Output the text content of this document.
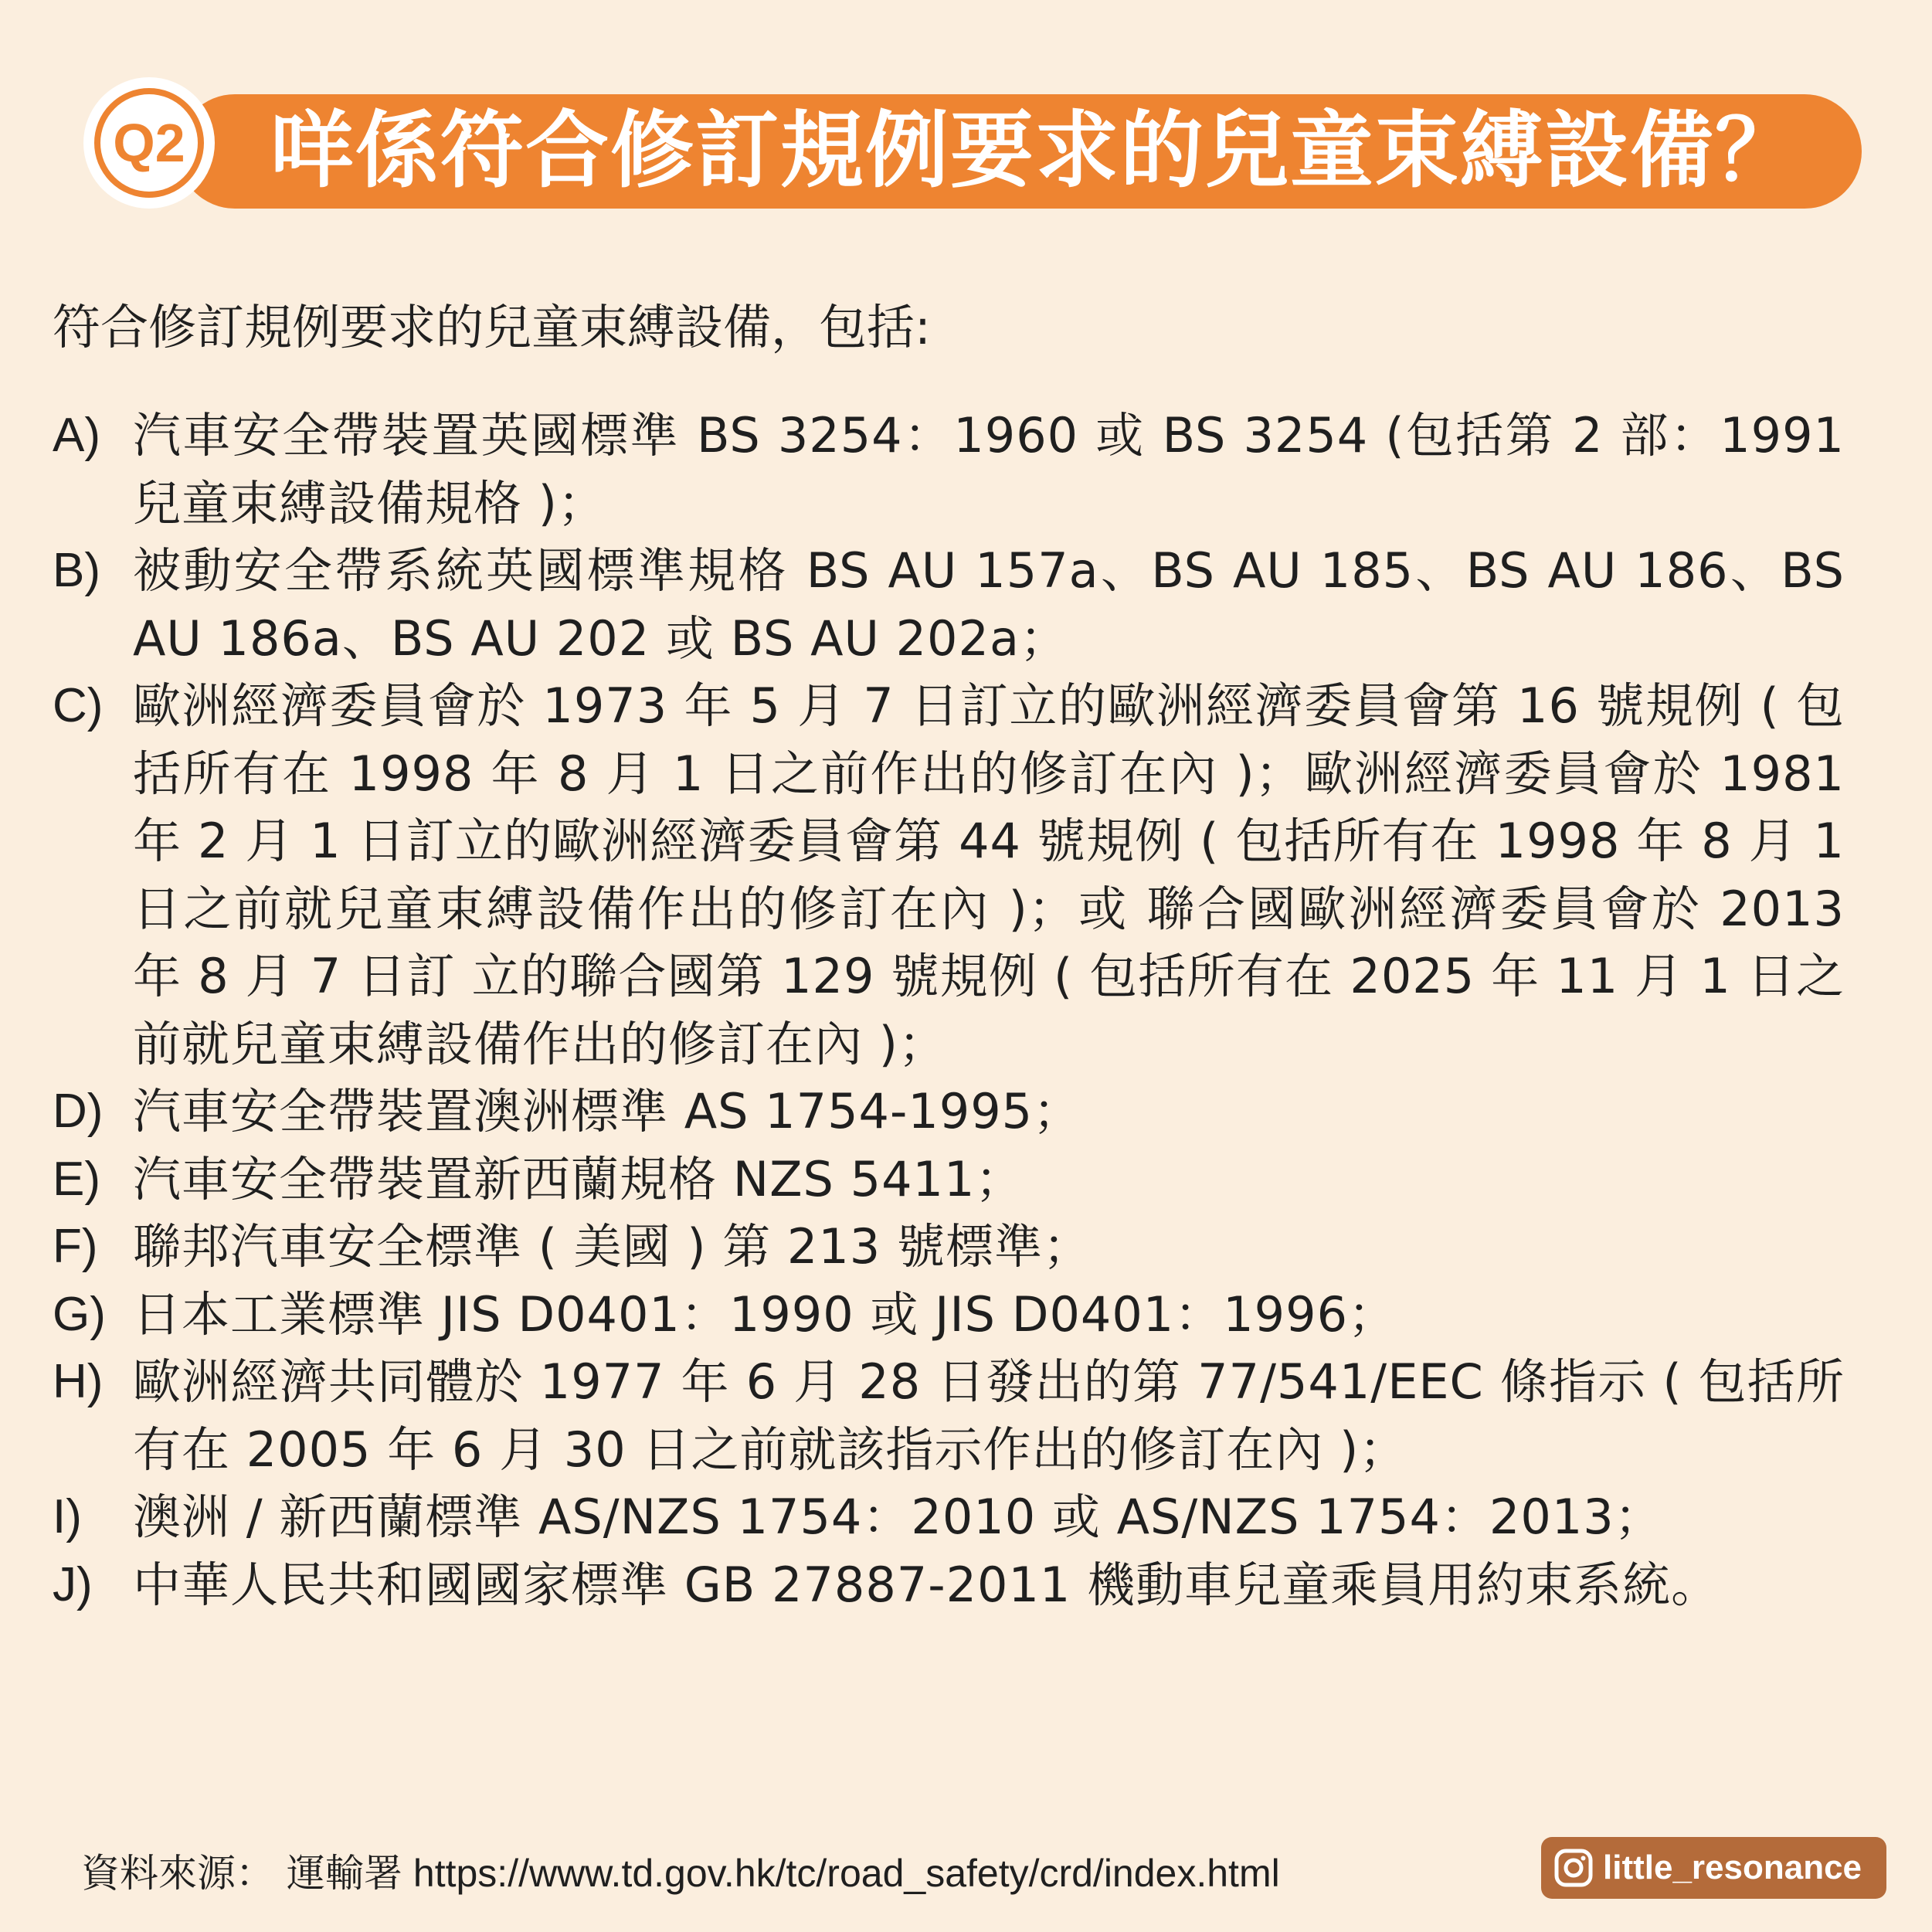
咩係符合修訂規例要求的兒童束縛設備？
Q2
符合修訂規例要求的兒童束縛設備，包括:
A) 汽車安全帶裝置英國標準 BS 3254：1960 或 BS 3254 (包括第 2 部：1991 兒童束縛設備規格 )；
B) 被動安全帶系統英國標準規格 BS AU 157a、BS AU 185、BS AU 186、BS AU 186a、BS AU 202 或 BS AU 202a；
C) 歐洲經濟委員會於 1973 年 5 月 7 日訂立的歐洲經濟委員會第 16 號規例 ( 包括所有在 1998 年 8 月 1 日之前作出的修訂在內 )；歐洲經濟委員會於 1981 年 2 月 1 日訂立的歐洲經濟委員會第 44 號規例 ( 包括所有在 1998 年 8 月 1 日之前就兒童束縛設備作出的修訂在內 )；或 聯合國歐洲經濟委員會於 2013 年 8 月 7 日訂 立的聯合國第 129 號規例 ( 包括所有在 2025 年 11 月 1 日之前就兒童束縛設備作出的修訂在內 )；
D) 汽車安全帶裝置澳洲標準 AS 1754-1995；
E) 汽車安全帶裝置新西蘭規格 NZS 5411；
F) 聯邦汽車安全標準 ( 美國 ) 第 213 號標準；
G) 日本工業標準 JIS D0401：1990 或 JIS D0401：1996；
H) 歐洲經濟共同體於 1977 年 6 月 28 日發出的第 77/541/EEC 條指示 ( 包括所有在 2005 年 6 月 30 日之前就該指示作出的修訂在內 )；
I)	澳洲 / 新西蘭標準 AS/NZS 1754：2010 或 AS/NZS 1754：2013；
J) 中華人民共和國國家標準 GB 27887-2011 機動車兒童乘員用約束系統。
資料來源： 運輸署 https://www.td.gov.hk/tc/road_safety/crd/index.html	little_resonance
